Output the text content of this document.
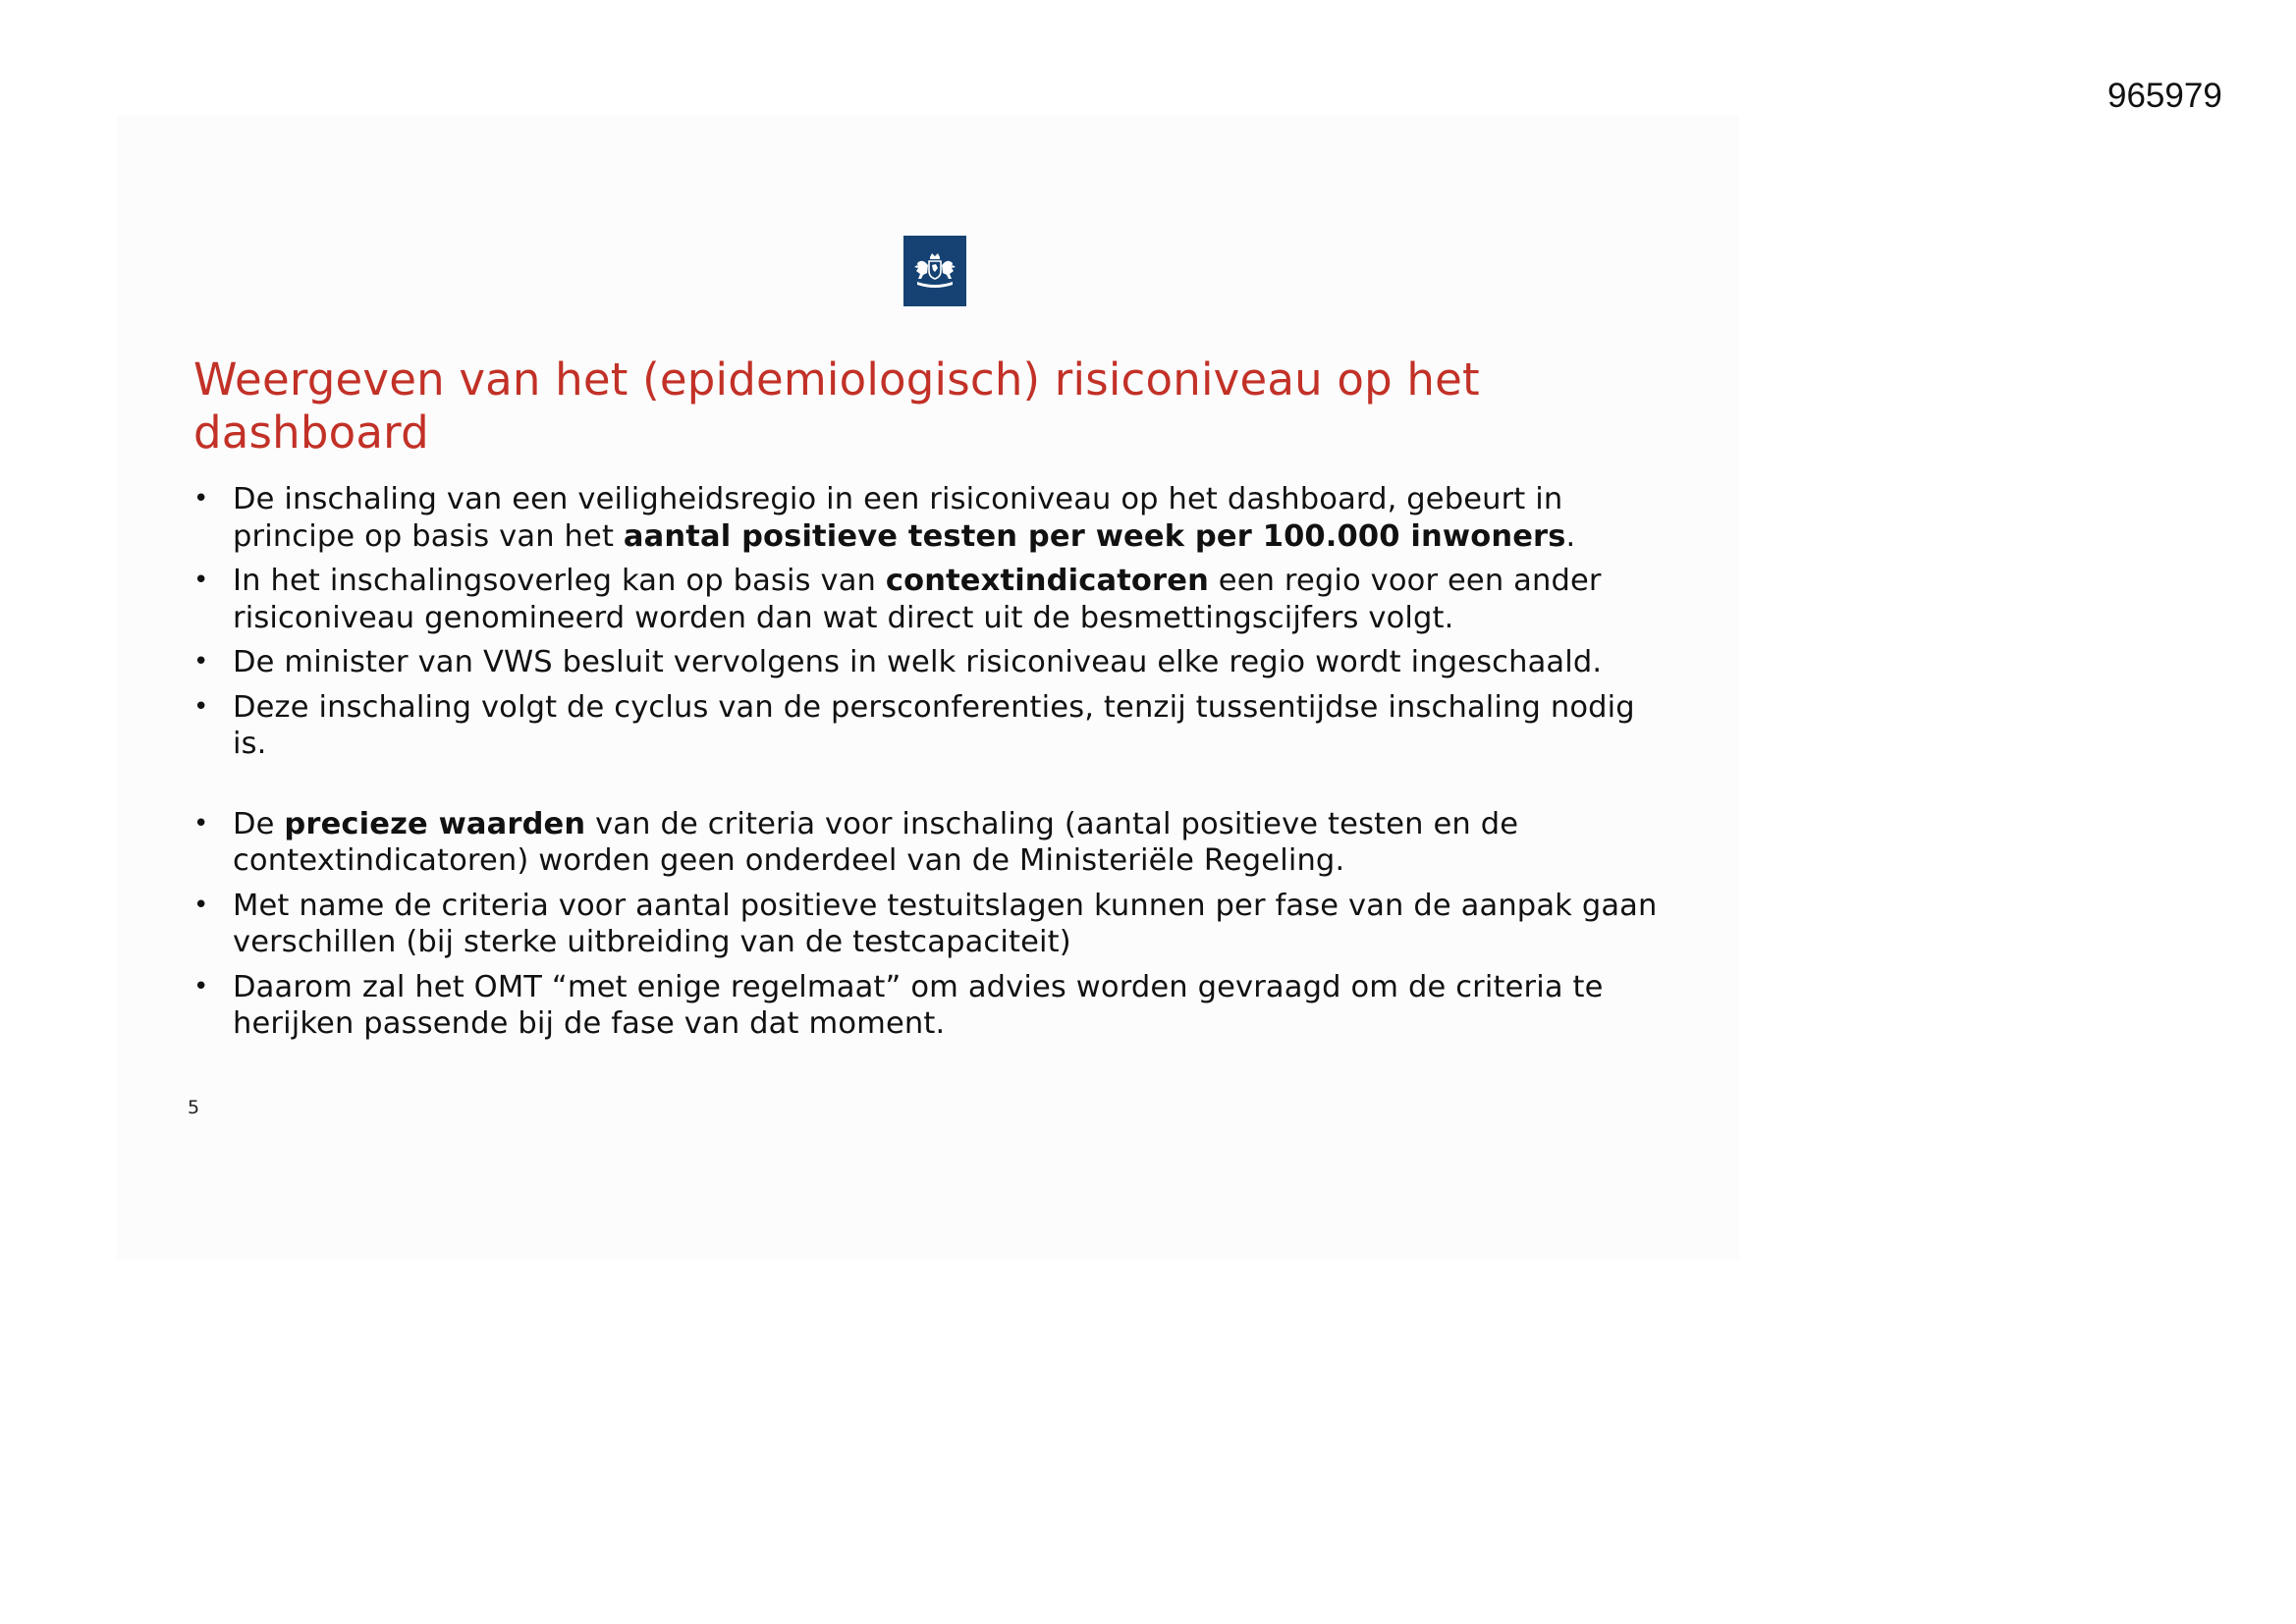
965979
Weergeven van het (epidemiologisch) risiconiveau op het dashboard
• De inschaling van een veiligheidsregio in een risiconiveau op het dashboard, gebeurt in principe op basis van het aantal positieve testen per week per 100.000 inwoners.
• In het inschalingsoverleg kan op basis van contextindicatoren een regio voor een ander risiconiveau genomineerd worden dan wat direct uit de besmettingscijfers volgt.
• De minister van VWS besluit vervolgens in welk risiconiveau elke regio wordt ingeschaald.
• Deze inschaling volgt de cyclus van de persconferenties, tenzij tussentijdse inschaling nodig is.
• De precieze waarden van de criteria voor inschaling (aantal positieve testen en de contextindicatoren) worden geen onderdeel van de Ministeriële Regeling.
• Met name de criteria voor aantal positieve testuitslagen kunnen per fase van de aanpak gaan verschillen (bij sterke uitbreiding van de testcapaciteit)
• Daarom zal het OMT “met enige regelmaat” om advies worden gevraagd om de criteria te herijken passende bij de fase van dat moment.
5
